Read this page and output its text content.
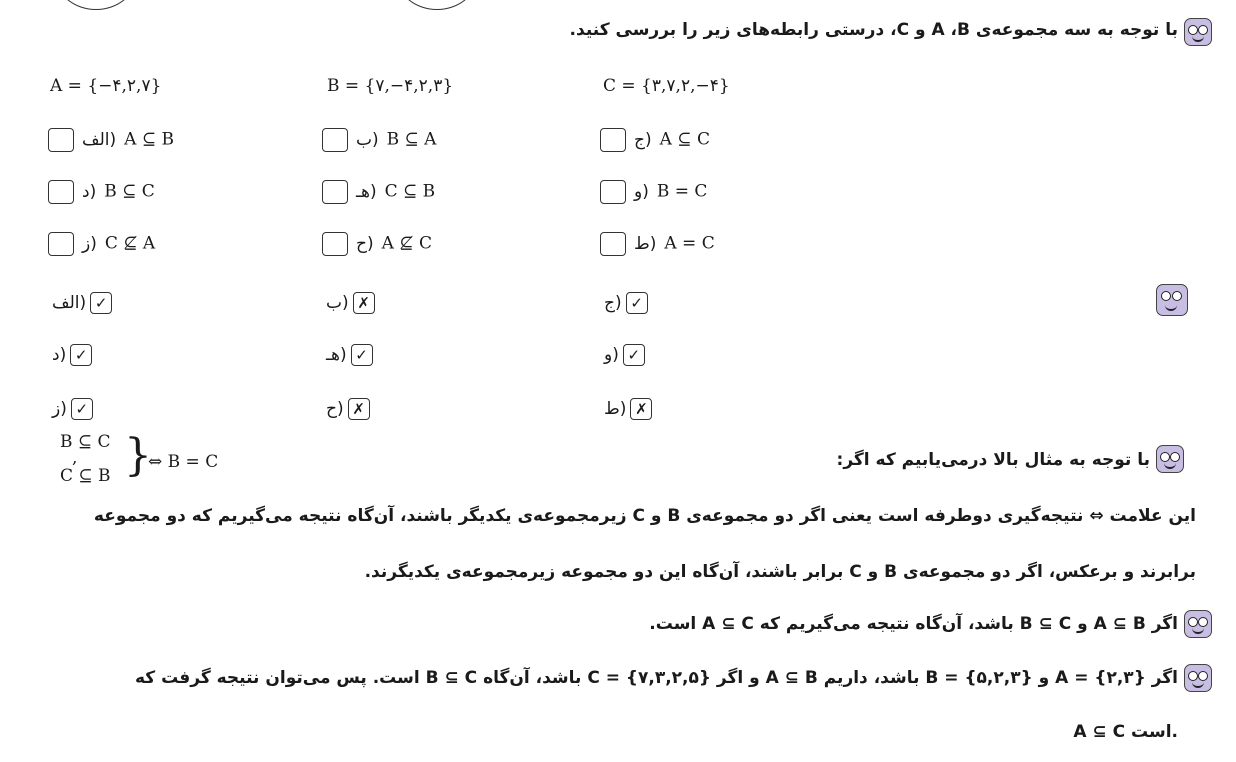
با توجه به سه مجموعه‌ی A ،B و C، درستی رابطه‌های زیر را بررسی کنید.
A = {−۴,۲,۷}	B = {۷,−۴,۲,۳}	C = {۳,۷,۲,−۴}
(الف A ⊆ B	(ب B ⊆ A	(ج A ⊆ C
(د B ⊆ C	(هـ C ⊆ B	(و B = C
(ز C ⊈ A	(ح A ⊈ C	(ط A = C
(الف ✓	(ب ✗	(ج ✓
(د ✓	(هـ ✓	(و ✓
(ز ✓	(ح ✗	(ط ✗
B ⊆ C
,
C ⊆ B }
⇔ B = C	با توجه به مثال بالا درمی‌یابیم که اگر:
این علامت ⇔ نتیجه‌گیری دوطرفه است یعنی اگر دو مجموعه‌ی B و C زیرمجموعه‌ی یکدیگر باشند، آن‌گاه نتیجه می‌گیریم که دو مجموعه
برابرند و برعکس، اگر دو مجموعه‌ی B و C برابر باشند، آن‌گاه این دو مجموعه زیرمجموعه‌ی یکدیگرند.
اگر A ⊆ B و B ⊆ C باشد، آن‌گاه نتیجه می‌گیریم که A ⊆ C است.
اگر {۲,۳} = A و {۵,۲,۳} = B باشد، داریم A ⊆ B و اگر {۷,۳,۲,۵} = C باشد، آن‌گاه B ⊆ C است. پس می‌توان نتیجه گرفت که
A ⊆ C است.
